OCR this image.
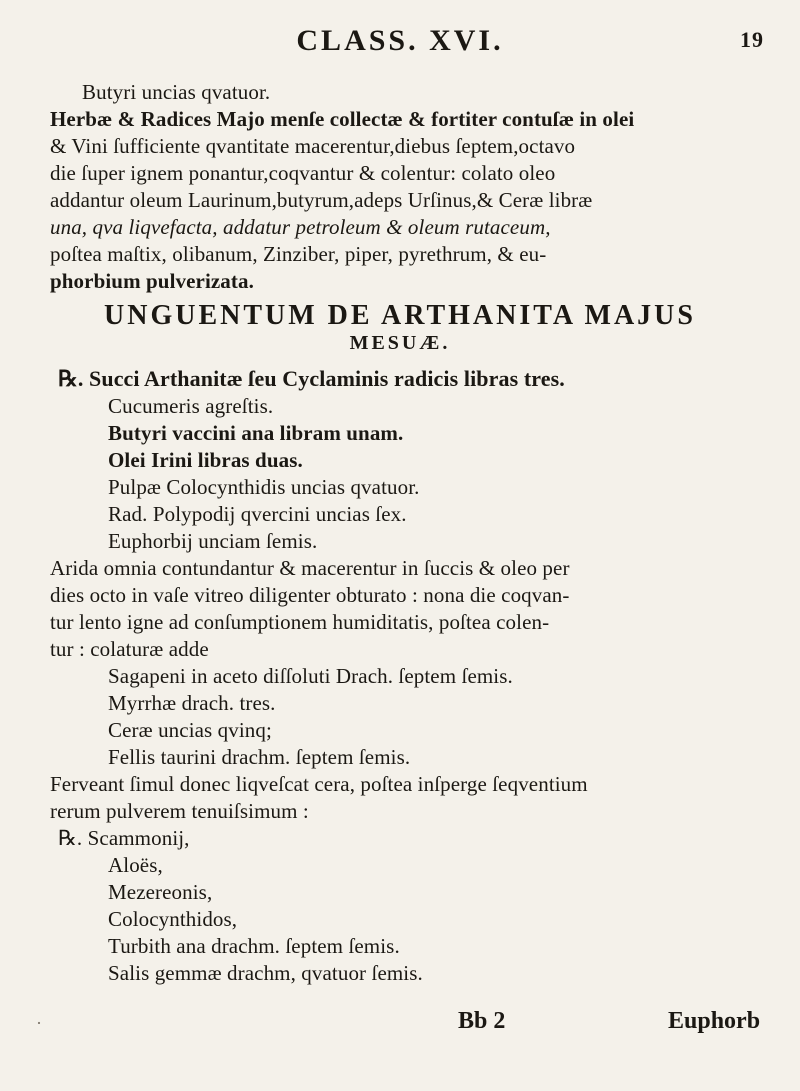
CLASS. XVI.	19
Butyri uncias qvatuor.
Herbæ & Radices Majo menſe collectæ & fortiter contuſæ in olei
& Vini ſufficiente qvantitate macerentur,diebus ſeptem,octavo
die ſuper ignem ponantur,coqvantur & colentur: colato oleo
addantur oleum Laurinum,butyrum,adeps Urſinus,& Ceræ libræ
una, qva liqvefacta, addatur petroleum & oleum rutaceum,
poſtea maſtix, olibanum, Zinziber, piper, pyrethrum, & eu-
phorbium pulverizata.
UNGUENTUM DE ARTHANITA MAJUS
MESUÆ.
℞. Succi Arthanitæ ſeu Cyclaminis radicis libras tres.
Cucumeris agreſtis.
Butyri vaccini ana libram unam.
Olei Irini libras duas.
Pulpæ Colocynthidis uncias qvatuor.
Rad. Polypodij qvercini uncias ſex.
Euphorbij unciam ſemis.
Arida omnia contundantur & macerentur in ſuccis & oleo per
dies octo in vaſe vitreo diligenter obturato : nona die coqvan-
tur lento igne ad conſumptionem humiditatis, poſtea colen-
tur : colaturæ adde
Sagapeni in aceto diſſoluti Drach. ſeptem ſemis.
Myrrhæ drach. tres.
Ceræ uncias qvinq;
Fellis taurini drachm. ſeptem ſemis.
Ferveant ſimul donec liqveſcat cera, poſtea inſperge ſeqventium
rerum pulverem tenuiſsimum :
℞. Scammonij,
Aloës,
Mezereonis,
Colocynthidos,
Turbith ana drachm. ſeptem ſemis.
Salis gemmæ drachm, qvatuor ſemis.
·	Bb 2	Euphorb
